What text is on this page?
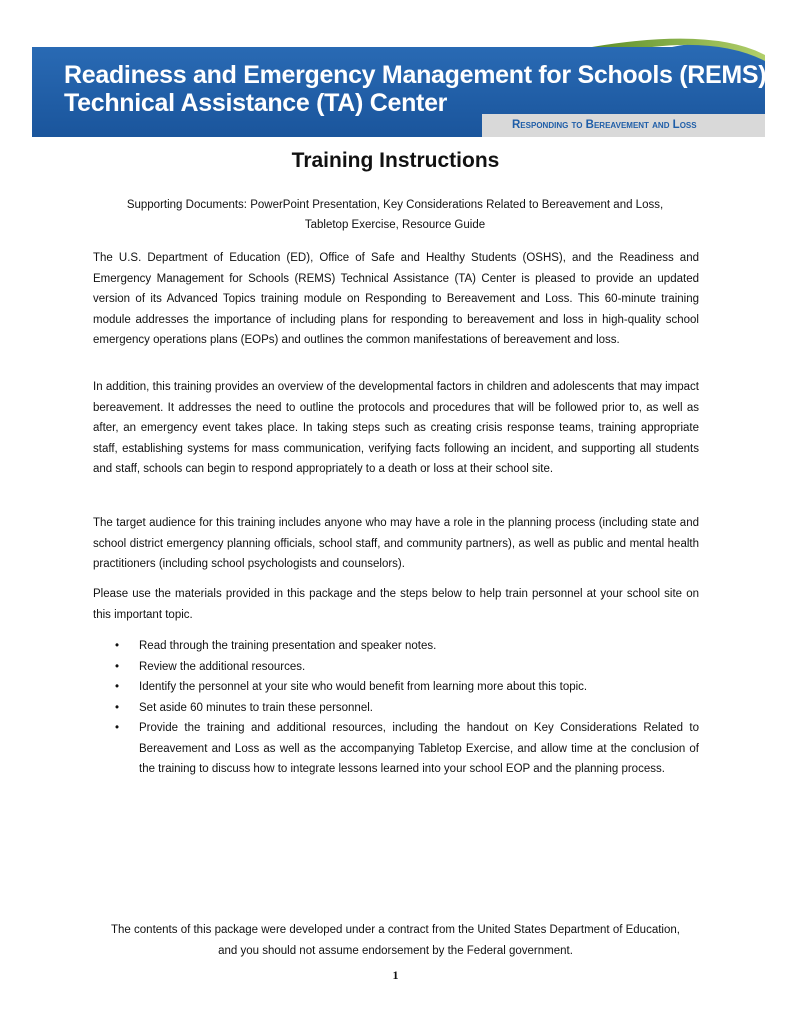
Readiness and Emergency Management for Schools (REMS)
Technical Assistance (TA) Center
Responding to Bereavement and Loss
Training Instructions
Supporting Documents: PowerPoint Presentation, Key Considerations Related to Bereavement and Loss,
Tabletop Exercise, Resource Guide

The U.S. Department of Education (ED), Office of Safe and Healthy Students (OSHS), and the Readiness and Emergency Management for Schools (REMS) Technical Assistance (TA) Center is pleased to provide an updated version of its Advanced Topics training module on Responding to Bereavement and Loss. This 60-minute training module addresses the importance of including plans for responding to bereavement and loss in high-quality school emergency operations plans (EOPs) and outlines the common manifestations of bereavement and loss.

In addition, this training provides an overview of the developmental factors in children and adolescents that may impact bereavement. It addresses the need to outline the protocols and procedures that will be followed prior to, as well as after, an emergency event takes place. In taking steps such as creating crisis response teams, training appropriate staff, establishing systems for mass communication, verifying facts following an incident, and supporting all students and staff, schools can begin to respond appropriately to a death or loss at their school site.

The target audience for this training includes anyone who may have a role in the planning process (including state and school district emergency planning officials, school staff, and community partners), as well as public and mental health practitioners (including school psychologists and counselors).

Please use the materials provided in this package and the steps below to help train personnel at your school site on this important topic.

• Read through the training presentation and speaker notes.
• Review the additional resources.
• Identify the personnel at your site who would benefit from learning more about this topic.
• Set aside 60 minutes to train these personnel.
• Provide the training and additional resources, including the handout on Key Considerations Related to Bereavement and Loss as well as the accompanying Tabletop Exercise, and allow time at the conclusion of the training to discuss how to integrate lessons learned into your school EOP and the planning process.
The contents of this package were developed under a contract from the United States Department of Education,
and you should not assume endorsement by the Federal government.
1
